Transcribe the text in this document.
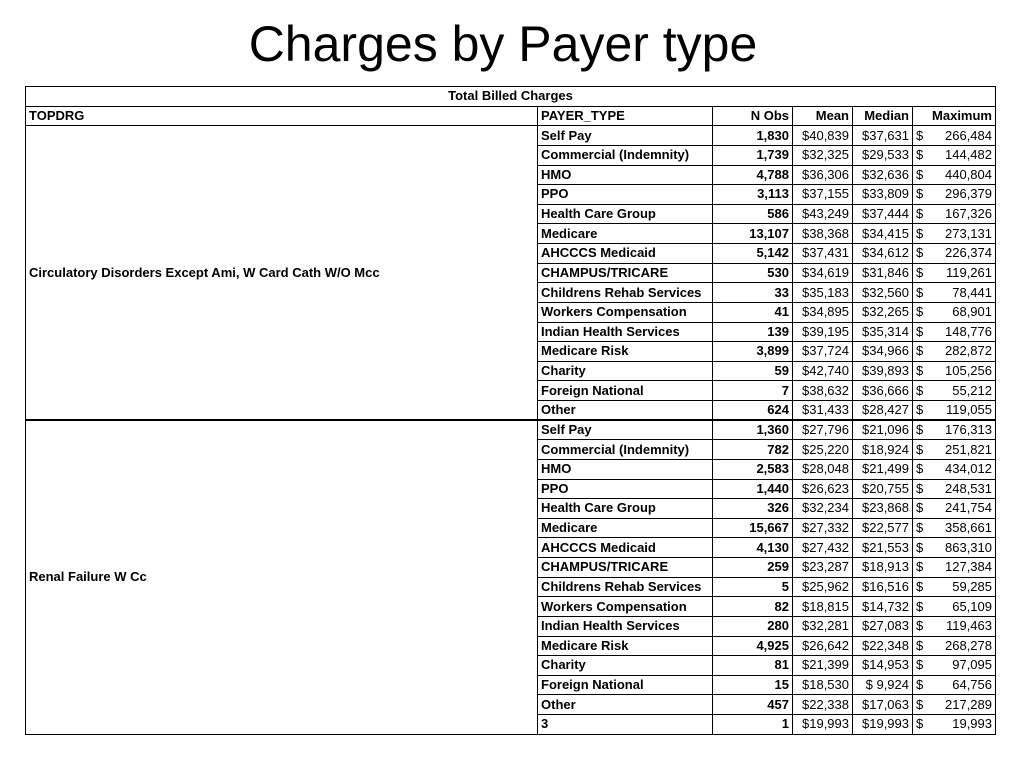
Charges by Payer type
Total Billed Charges					
TOPDRG	PAYER_TYPE	N Obs	Mean	Median	Maximum
Circulatory Disorders Except Ami, W Card Cath W/O Mcc	Self Pay	1,830	$40,839	$37,631	$ 266,484

	Commercial (Indemnity)	1,739	$32,325	$29,533	$ 144,482

	HMO	4,788	$36,306	$32,636	$ 440,804

	PPO	3,113	$37,155	$33,809	$ 296,379

	Health Care Group	586	$43,249	$37,444	$ 167,326

	Medicare	13,107	$38,368	$34,415	$ 273,131

	AHCCCS Medicaid	5,142	$37,431	$34,612	$ 226,374

	CHAMPUS/TRICARE	530	$34,619	$31,846	$ 119,261

	Childrens Rehab Services	33	$35,183	$32,560	$ 78,441

	Workers Compensation	41	$34,895	$32,265	$ 68,901

	Indian Health Services	139	$39,195	$35,314	$ 148,776

	Medicare Risk	3,899	$37,724	$34,966	$ 282,872

	Charity	59	$42,740	$39,893	$ 105,256

	Foreign National	7	$38,632	$36,666	$ 55,212

	Other	624	$31,433	$28,427	$ 119,055

Renal Failure W Cc	Self Pay	1,360	$27,796	$21,096	$ 176,313

	Commercial (Indemnity)	782	$25,220	$18,924	$ 251,821

	HMO	2,583	$28,048	$21,499	$ 434,012

	PPO	1,440	$26,623	$20,755	$ 248,531

	Health Care Group	326	$32,234	$23,868	$ 241,754

	Medicare	15,667	$27,332	$22,577	$ 358,661

	AHCCCS Medicaid	4,130	$27,432	$21,553	$ 863,310

	CHAMPUS/TRICARE	259	$23,287	$18,913	$ 127,384

	Childrens Rehab Services	5	$25,962	$16,516	$ 59,285

	Workers Compensation	82	$18,815	$14,732	$ 65,109

	Indian Health Services	280	$32,281	$27,083	$ 119,463

	Medicare Risk	4,925	$26,642	$22,348	$ 268,278

	Charity	81	$21,399	$14,953	$ 97,095

	Foreign National	15	$18,530	$ 9,924	$ 64,756

	Other	457	$22,338	$17,063	$ 217,289

	3	1	$19,993	$19,993	$ 19,993
